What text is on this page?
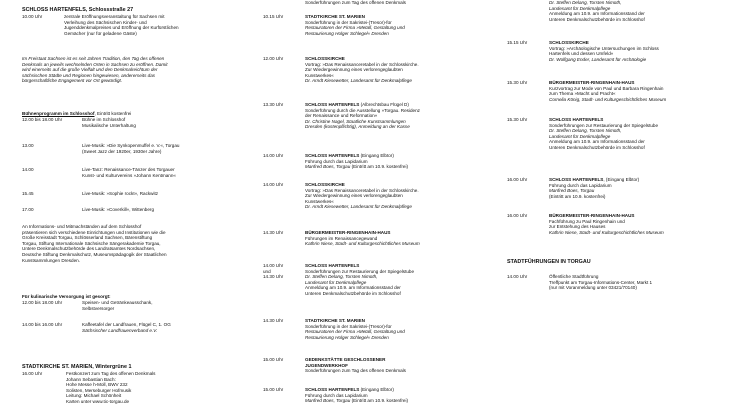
SCHLOSS HARTENFELS, Schlossstraße 27
10.00 Uhr	zentrale Eröffnungsveranstaltung für Sachsen mit
Verleihung des Sächsischen Kinder- und
Jugenddenkmalpreises und Eröffnung der Kurfürstlichen
Gemächer (nur für geladene Gäste)
Im Freistaat Sachsen ist es seit Jahren Tradition, den Tag des offenen
Denkmals an jeweils wechselnden Orten in Sachsen zu eröffnen. Damit
wird einerseits auf die große Vielfalt und den Denkmalreichtum der
sächsischen Städte und Regionen hingewiesen, andererseits das
bürgerschaftliche Engagement vor Ort gewürdigt.
Bühnenprogramm im Schlosshof, Eintritt kostenfrei
12.00 bis 18.00 Uhr	Bühne im Schlosshof
Musikalische Unterhaltung
13.00	Live-Musik: »Die Synkopenmuffel e. V.«, Torgau
(Sweet Jazz der 1920er, 1930er Jahre)
14.00	Live-Tanz: Renaissance-Tänzer des Torgauer
Kunst- und Kulturvereins »Johann Kentmann«
15.45	Live-Musik: »Sophie rockt«, Rackwitz
17.00	Live-Musik: »Coverkill«, Wittenberg
An Informations- und Mitmachständen auf dem Schlosshof
präsentieren sich verschiedene Einrichtungen und Institutionen wie die
Große Kreisstadt Torgau, Schlösserland Sachsen, Bärenstiftung
Torgau, Stiftung Internationale Sächsische Sängerakademie Torgau,
Untere Denkmalschutzbehörde des Landratsamtes Nordsachsen,
Deutsche Stiftung Denkmalschutz, Museumspädagogik der Staatlichen
Kunstsammlungen Dresden.
Für kulinarische Versorgung ist gesorgt:
12.00 bis 18.00 Uhr	Speisen- und Getränkeausschank,
Selbstversorger
14.00 bis 16.00 Uhr	Kaffeetafel der Landfrauen, Flügel C, 1. OG
Sächsischer Landfrauenverband e.V.
STADTKIRCHE ST. MARIEN, Wintergrüne 1
16.00 Uhr	Festkonzert zum Tag des offenen Denkmals
Johann Sebastian Bach:
Hohe Messe h-Moll, BWV 232
Solisten, Merseburger Hofmusik
Leitung: Michael Schönheit
Karten unter www.tic-torgau.de
Sonderführungen zum Tag des offenen Denkmals
10.15 Uhr	STADTKIRCHE ST. MARIEN
Sonderführung in der Sakristei-(Tresor)-für
Restauratoren der Firma »Metall, Gestaltung und
Restaurierung Holger Schlegel« Dresden
12.00 Uhr	SCHLOSSKIRCHE
Vortrag: »Das Renaissanceretabel in der Schlosskirche.
Zur Wiedergewinnung eines verlorengeglaubten
Kunstwerkes«
Dr. Arndt Kiesewetter, Landesamt für Denkmalpflege
13.30 Uhr	SCHLOSS HARTENFELS (Albrechtsbau Flügel D)
Sonderführung durch die Ausstellung »Torgau. Residenz
der Renaissance und Reformation«
Dr. Christine Nagel, Staatliche Kunstsammlungen
Dresden (kostenpflichtig), Anmeldung an der Kasse
14.00 Uhr	SCHLOSS HARTENFELS (Eingang Elbtor)
Führung durch das Lapidarium
Manfred Boes, Torgau (Eintritt am 10.9. kostenfrei)
14.00 Uhr	SCHLOSSKIRCHE
Vortrag: »Das Renaissanceretabel in der Schlosskirche.
Zur Wiedergewinnung eines verlorengeglaubten
Kunstwerkes«
Dr. Arndt Kiesewetter, Landesamt für Denkmalpflege
14.30 Uhr	BÜRGERMEISTER-RINGENHAIN-HAUS
Führungen im Renaissancegewand
Kathrin Niese, Stadt- und Kulturgeschichtliches Museum
14.00 Uhr
und
14.30 Uhr
SCHLOSS HARTENFELS
Sonderführungen zur Restaurierung der Spiegelstube
Dr. Steffen Delang, Torsten Nimoth,
Landesamt für Denkmalpflege
Anmeldung am 10.9. am Informationsstand der
Unteren Denkmalschutzbehörde im Schlosshof
14.30 Uhr	STADTKIRCHE ST. MARIEN
Sonderführung in der Sakristei-(Tresor)-für
Restauratoren der Firma »Metall, Gestaltung und
Restaurierung Holger Schlegel« Dresden
15.00 Uhr	GEDENKSTÄTTE GESCHLOSSENER
JUGENDWERKHOF
Sonderführungen zum Tag des offenen Denkmals
15.00 Uhr	SCHLOSS HARTENFELS (Eingang Elbtor)
Führung durch das Lapidarium
Manfred Boes, Torgau (Eintritt am 10.9. kostenfrei)
Dr. Steffen Delang, Torsten Nimoth,
Landesamt für Denkmalpflege
Anmeldung am 10.9. am Informationsstand der
Unteren Denkmalschutzbehörde im Schlosshof
15.15 Uhr	SCHLOSSKIRCHE
Vortrag: »Archäologische Untersuchungen im Schloss
Hartenfels und dessen Umfeld«
Dr. Wolfgang Ender, Landesamt für Archäologie
15.30 Uhr	BÜRGERMEISTER-RINGENHAIN-HAUS
Kurzvortrag zur Mode von Paul und Barbara Ringenhain
zum Thema »Macht und Pracht«
Cornelia König, Stadt- und Kulturgeschichtliches Museum
15.30 Uhr	SCHLOSS HARTENFELS
Sonderführungen zur Restaurierung der Spiegelstube
Dr. Steffen Delang, Torsten Nimoth,
Landesamt für Denkmalpflege
Anmeldung am 10.9. am Informationsstand der
Unteren Denkmalschutzbehörde im Schlosshof
16.00 Uhr	SCHLOSS HARTENFELS, (Eingang Elbtor)
Führung durch das Lapidarium
Manfred Boes, Torgau
(Eintritt am 10.9. kostenfrei)
16.00 Uhr	BÜRGERMEISTER-RINGENHAIN-HAUS
Fachführung zu Paul Ringenhain und
zur Entstehung des Hauses
Kathrin Niese, Stadt- und Kulturgeschichtliches Museum
STADTFÜHRUNGEN IN TORGAU
14.00 Uhr	Öffentliche Stadtführung
Treffpunkt am Torgau-Informations-Center, Markt 1
(nur mit Voranmeldung unter 03421/70140)
